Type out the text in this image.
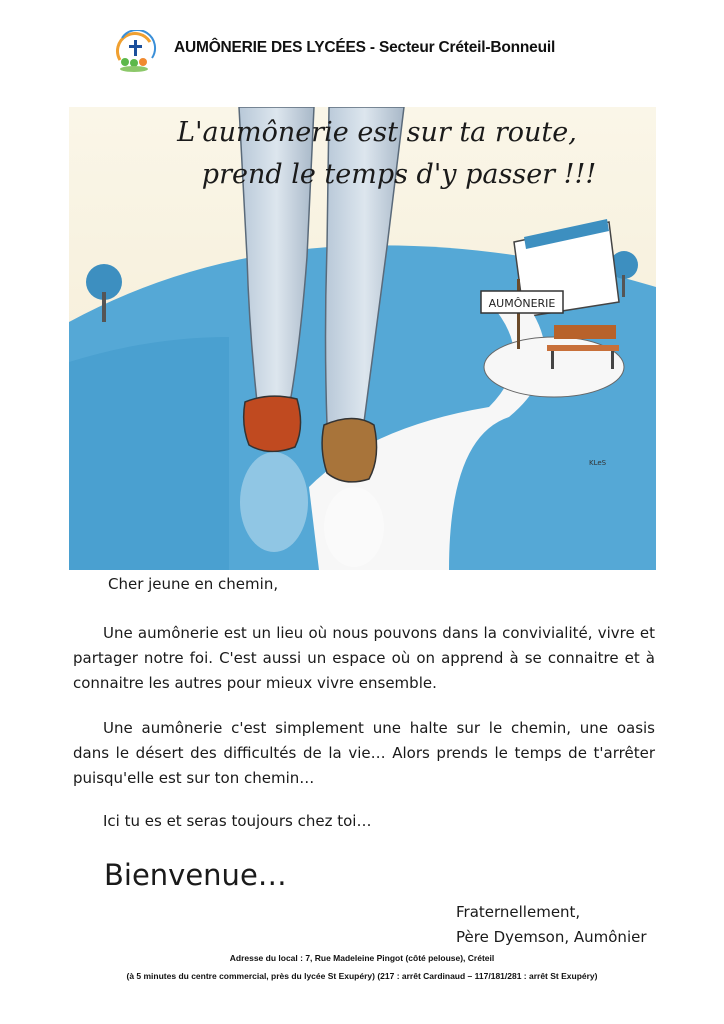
AUMÔNERIE DES LYCÉES - Secteur Créteil-Bonneuil
AUMÔNERIE
L'aumônerie est sur ta route,
prend le temps d'y passer !!!
KLeS
Cher jeune en chemin,
Une aumônerie est un lieu où nous pouvons dans la convivialité, vivre et partager notre foi. C'est aussi un espace où on apprend à se connaitre et à connaitre les autres pour mieux vivre ensemble.
Une aumônerie c'est simplement une halte sur le chemin, une oasis dans le désert des difficultés de la vie… Alors prends le temps de t'arrêter puisqu'elle est sur ton chemin…
Ici tu es et seras toujours chez toi…
Bienvenue…
Fraternellement,
Père Dyemson, Aumônier
Adresse du local : 7, Rue Madeleine Pingot (côté pelouse), Créteil
(à 5 minutes du centre commercial, près du lycée St Exupéry) (217 : arrêt Cardinaud – 117/181/281 : arrêt St Exupéry)
